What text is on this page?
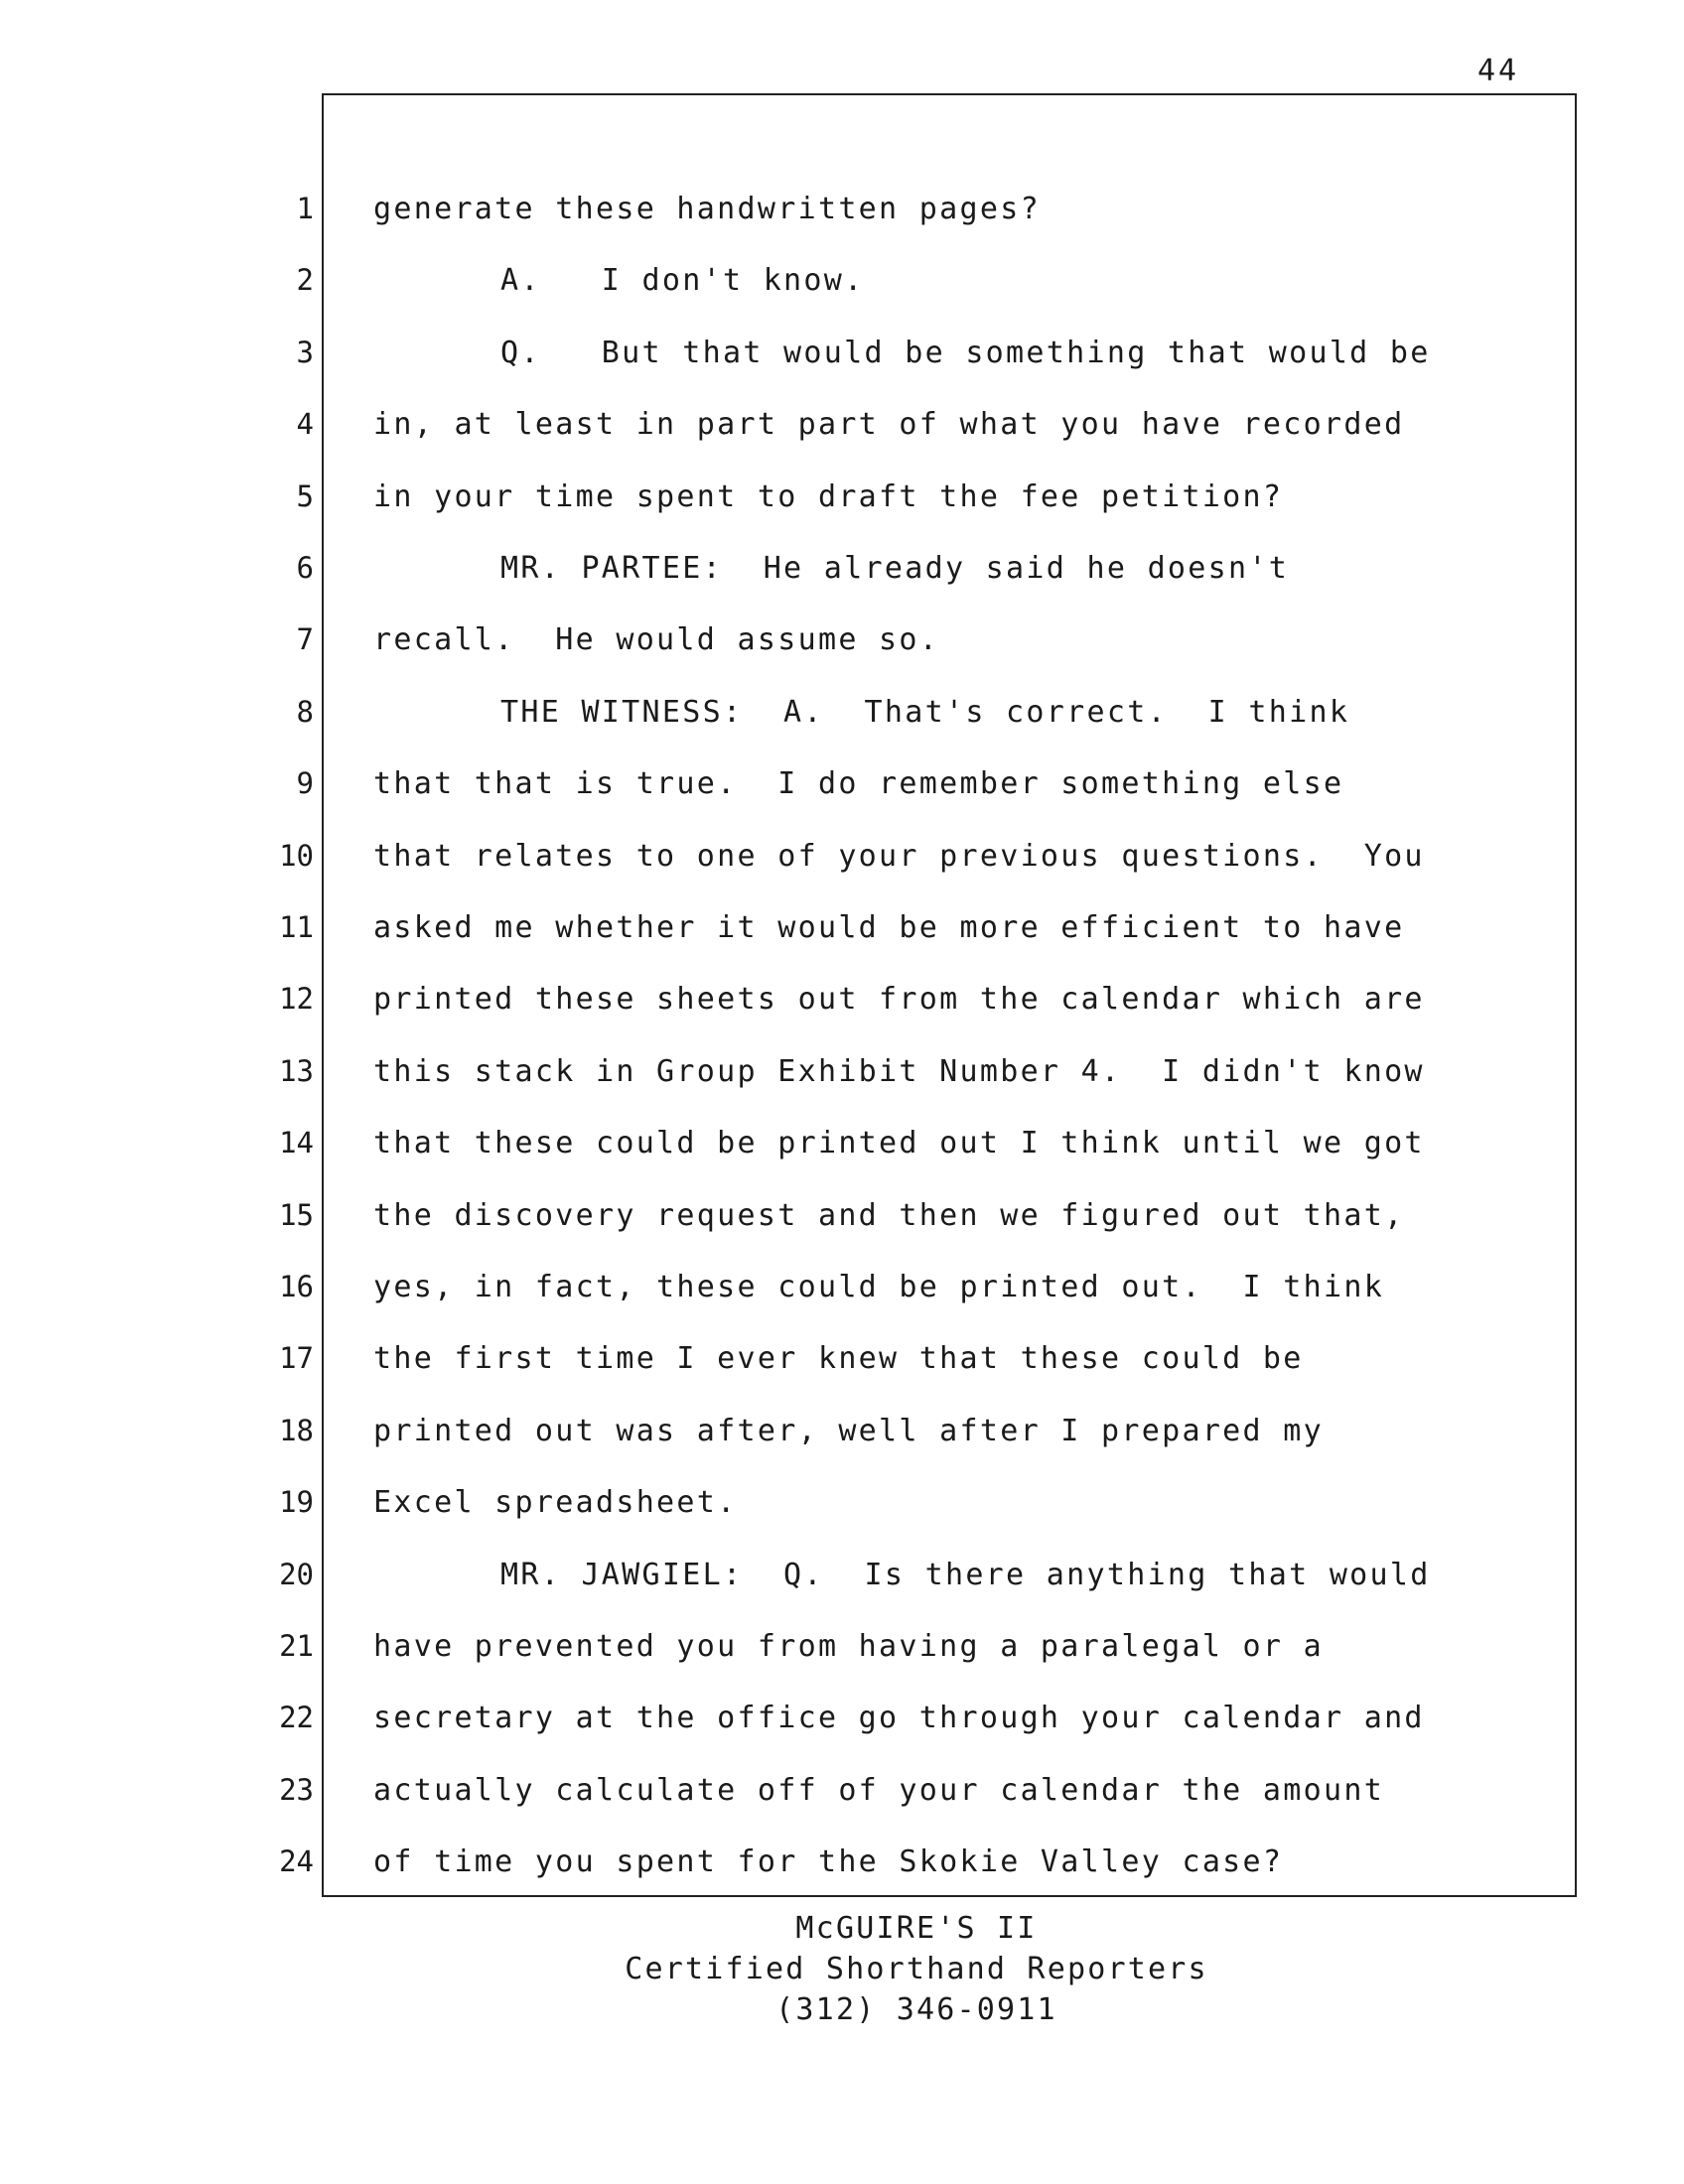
44
1 generate these handwritten pages?
2	A.   I don't know.
3	Q.   But that would be something that would be
4 in, at least in part part of what you have recorded
5 in your time spent to draft the fee petition?
6	MR. PARTEE:  He already said he doesn't
7 recall.  He would assume so.
8	THE WITNESS:  A.  That's correct.  I think
9 that that is true.  I do remember something else
10 that relates to one of your previous questions.  You
11 asked me whether it would be more efficient to have
12 printed these sheets out from the calendar which are
13 this stack in Group Exhibit Number 4.  I didn't know
14 that these could be printed out I think until we got
15 the discovery request and then we figured out that,
16 yes, in fact, these could be printed out.  I think
17 the first time I ever knew that these could be
18 printed out was after, well after I prepared my
19 Excel spreadsheet.
20	MR. JAWGIEL:  Q.  Is there anything that would
21 have prevented you from having a paralegal or a
22 secretary at the office go through your calendar and
23 actually calculate off of your calendar the amount
24 of time you spent for the Skokie Valley case?
McGUIRE'S II
Certified Shorthand Reporters
(312) 346-0911
